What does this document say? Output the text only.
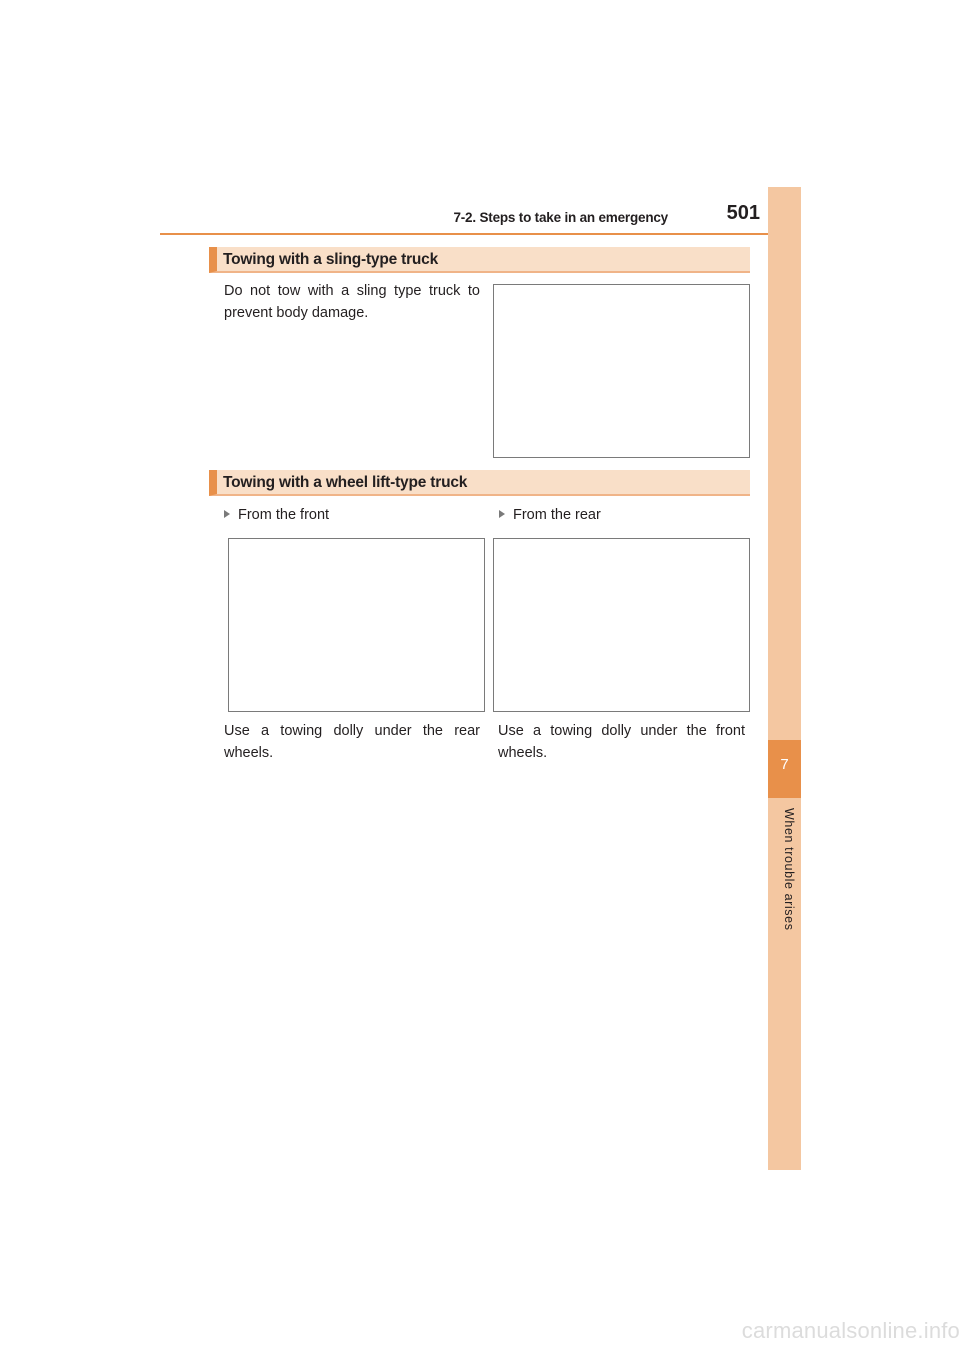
7-2. Steps to take in an emergency	501
7
When trouble arises
Towing with a sling-type truck
Do not tow with a sling type truck to prevent body damage.
Towing with a wheel lift-type truck
From the front	From the rear
Use a towing dolly under the rear wheels.
Use a towing dolly under the front wheels.
carmanualsonline.info
